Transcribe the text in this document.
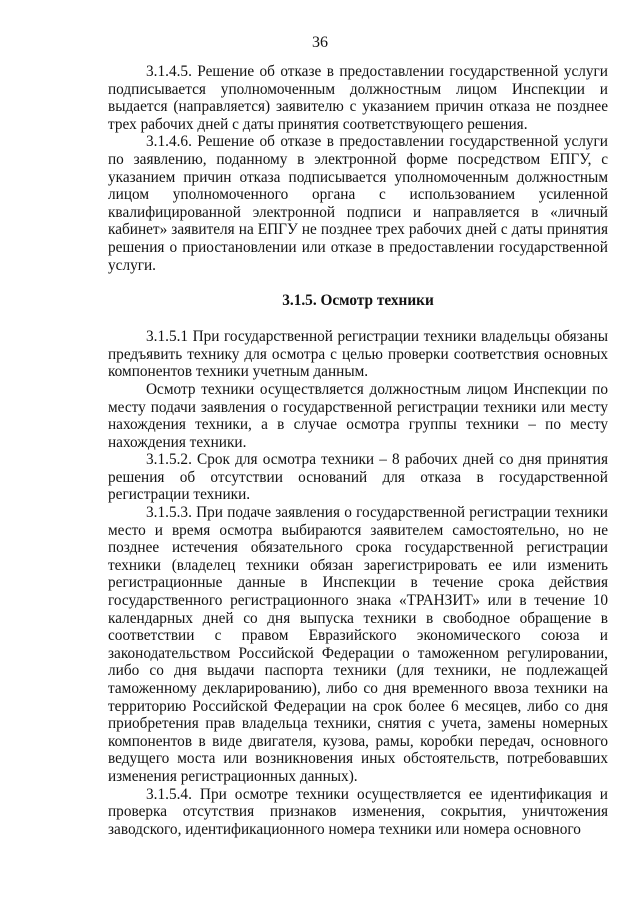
36

3.1.4.5. Решение об отказе в предоставлении государственной услуги подписывается уполномоченным должностным лицом Инспекции и выдается (направляется) заявителю с указанием причин отказа не позднее трех рабочих дней с даты принятия соответствующего решения.

3.1.4.6. Решение об отказе в предоставлении государственной услуги по заявлению, поданному в электронной форме посредством ЕПГУ, с указанием причин отказа подписывается уполномоченным должностным лицом уполномоченного органа с использованием усиленной квалифицированной электронной подписи и направляется в «личный кабинет» заявителя на ЕПГУ не позднее трех рабочих дней с даты принятия решения о приостановлении или отказе в предоставлении государственной услуги.

3.1.5. Осмотр техники

3.1.5.1 При государственной регистрации техники владельцы обязаны предъявить технику для осмотра с целью проверки соответствия основных компонентов техники учетным данным.

Осмотр техники осуществляется должностным лицом Инспекции по месту подачи заявления о государственной регистрации техники или месту нахождения техники, а в случае осмотра группы техники – по месту нахождения техники.

3.1.5.2. Срок для осмотра техники – 8 рабочих дней со дня принятия решения об отсутствии оснований для отказа в государственной регистрации техники.

3.1.5.3. При подаче заявления о государственной регистрации техники место и время осмотра выбираются заявителем самостоятельно, но не позднее истечения обязательного срока государственной регистрации техники (владелец техники обязан зарегистрировать ее или изменить регистрационные данные в Инспекции в течение срока действия государственного регистрационного знака «ТРАНЗИТ» или в течение 10 календарных дней со дня выпуска техники в свободное обращение в соответствии с правом Евразийского экономического союза и законодательством Российской Федерации о таможенном регулировании, либо со дня выдачи паспорта техники (для техники, не подлежащей таможенному декларированию), либо со дня временного ввоза техники на территорию Российской Федерации на срок более 6 месяцев, либо со дня приобретения прав владельца техники, снятия с учета, замены номерных компонентов в виде двигателя, кузова, рамы, коробки передач, основного ведущего моста или возникновения иных обстоятельств, потребовавших изменения регистрационных данных).

3.1.5.4. При осмотре техники осуществляется ее идентификация и проверка отсутствия признаков изменения, сокрытия, уничтожения заводского, идентификационного номера техники или номера основного
